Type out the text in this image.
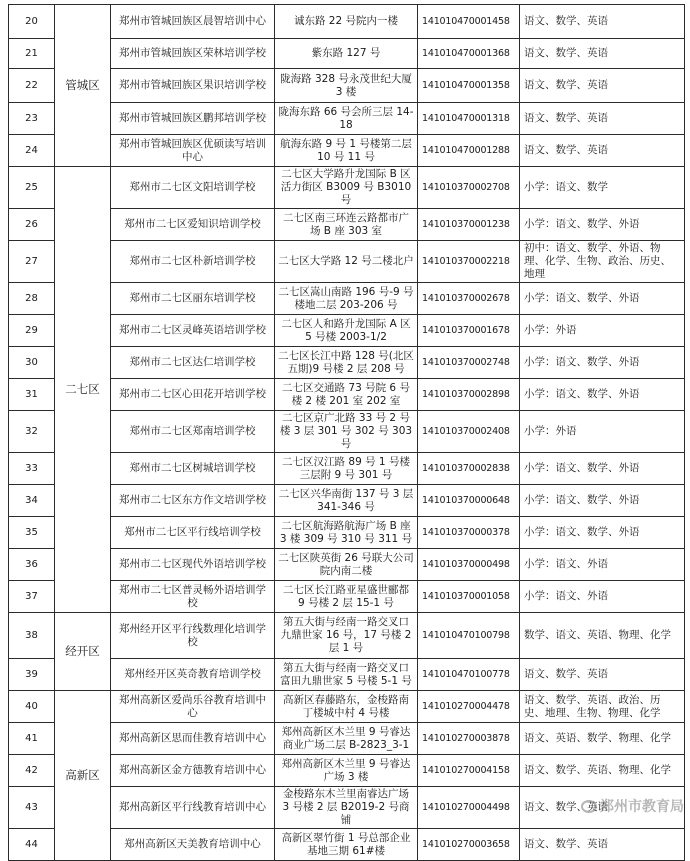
20	管城区	郑州市管城回族区晨智培训中心	诚东路 22 号院内一楼	141010470001458	语文、数学、英语
21		郑州市管城回族区荣林培训学校	紫东路 127 号	141010470001368	语文、数学、英语
22		郑州市管城回族区果识培训学校	陇海路 328 号永茂世纪大厦 3 楼	141010470001358	语文、数学、英语
23		郑州市管城回族区鹏邦培训学校	陇海东路 66 号会所三层 14-18	141010470001318	语文、数学、英语
24		郑州市管城回族区优硕读写培训中心	航海东路 9 号 1 号楼第二层 10 号 11 号	141010470001288	语文、数学、英语
25	二七区	郑州市二七区文阳培训学校	二七区大学路升龙国际 B 区活力街区 B3009 号 B3010 号	141010370002708	小学：语文、数学
26		郑州市二七区爱知识培训学校	二七区南三环连云路都市广场 B 座 303 室	141010370001238	小学：语文、数学、外语
27		郑州市二七区朴新培训学校	二七区大学路 12 号二楼北户	141010370002218	初中：语文、数学、外语、物理、化学、生物、政治、历史、地理
28		郑州市二七区丽东培训学校	二七区嵩山南路 196 号-9 号楼地二层 203-206 号	141010370002678	小学：语文、数学、外语
29		郑州市二七区灵峰英语培训学校	二七区人和路升龙国际 A 区 5 号楼 2003-1/2	141010370001678	小学：外语
30		郑州市二七区达仁培训学校	二七区长江中路 128 号(北区五期)9 号楼 2 层 208 号	141010370002748	小学：语文、数学、外语
31		郑州市二七区心田花开培训学校	二七区交通路 73 号院 6 号楼 2 楼 201 室 202 室	141010370002898	小学：语文、数学、外语
32		郑州市二七区郑南培训学校	二七区京广北路 33 号 2 号楼 3 层 301 号 302 号 303 号	141010370002408	小学：外语
33		郑州市二七区树城培训学校	二七区汉江路 89 号 1 号楼三层附 9 号 301 号	141010370002838	小学：语文、数学、外语
34		郑州市二七区东方作文培训学校	二七区兴华南街 137 号 3 层 341-346 号	141010370000648	小学：语文、数学、外语
35		郑州市二七区平行线培训学校	二七区航海路航海广场 B 座 3 楼 309 号 310 号 311 号	141010370000378	小学：语文、数学、外语
36		郑州市二七区现代外语培训学校	二七区陕英街 26 号联大公司院内南二楼	141010370000498	小学：语文、外语
37		郑州市二七区普灵畅外语培训学校	二七区长江路亚星盛世郦都 9 号楼 2 层 15-1 号	141010370001058	小学：语文、外语
38	经开区	郑州经开区平行线数理化培训学校	第五大街与经南一路交叉口九鼎世家 16 号，17 号楼 2 层 1 号	141010470100798	数学、语文、英语、物理、化学
39		郑州经开区英奇教育培训学校	第五大街与经南一路交叉口富田九鼎世家 5 号楼 5-1 号	141010470100778	语文、数学、英语
40	高新区	郑州高新区爱尚乐谷教育培训中心	高新区春藤路东，金梭路南丁楼城中村 4 号楼	141010270004478	语文、数学、英语、政治、历史、地理、生物、物理、化学
41		郑州高新区思而佳教育培训中心	郑州高新区木兰里 9 号睿达商业广场二层 B-2823_3-1	141010270003878	语文、英语、数学、物理、化学
42		郑州高新区金方德教育培训中心	郑州高新区木兰里 9 号睿达广场 3 楼	141010270004158	语文、数学、英语、物理、化学
43		郑州高新区平行线教育培训中心	金梭路东木兰里南睿达广场 3 号楼 2 层 B2019-2 号商铺	141010270004498	语文、数学、英语
44		郑州高新区天美教育培训中心	高新区翠竹街 1 号总部企业基地三期 61#楼	141010270003658	语文、数学、英语
郑州市教育局
